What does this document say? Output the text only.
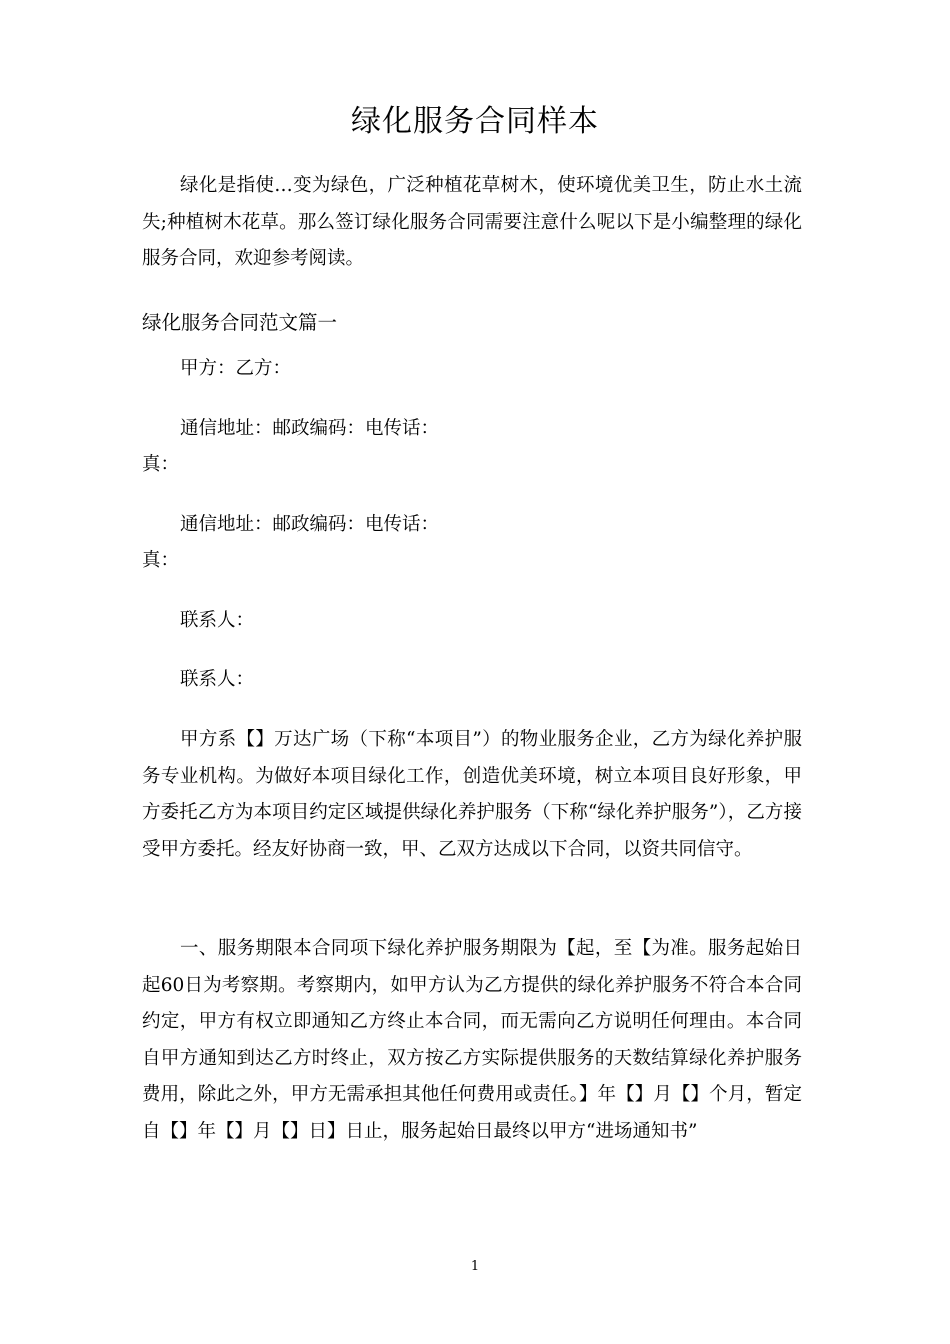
绿化服务合同样本

绿化是指使…变为绿色，广泛种植花草树木，使环境优美卫生，防止水土流失;种植树木花草。那么签订绿化服务合同需要注意什么呢以下是小编整理的绿化服务合同，欢迎参考阅读。

绿化服务合同范文篇一

甲方：乙方：

通信地址：邮政编码：电传话：

真：

通信地址：邮政编码：电传话：

真：

联系人：

联系人：

甲方系【】万达广场（下称“本项目”）的物业服务企业，乙方为绿化养护服务专业机构。为做好本项目绿化工作，创造优美环境，树立本项目良好形象，甲方委托乙方为本项目约定区域提供绿化养护服务（下称“绿化养护服务”），乙方接受甲方委托。经友好协商一致，甲、乙双方达成以下合同，以资共同信守。

一、服务期限本合同项下绿化养护服务期限为【起，至【为准。服务起始日起60日为考察期。考察期内，如甲方认为乙方提供的绿化养护服务不符合本合同约定，甲方有权立即通知乙方终止本合同，而无需向乙方说明任何理由。本合同自甲方通知到达乙方时终止，双方按乙方实际提供服务的天数结算绿化养护服务费用，除此之外，甲方无需承担其他任何费用或责任。】年【】月【】个月，暂定自【】年【】月【】日】日止，服务起始日最终以甲方“进场通知书”

1
